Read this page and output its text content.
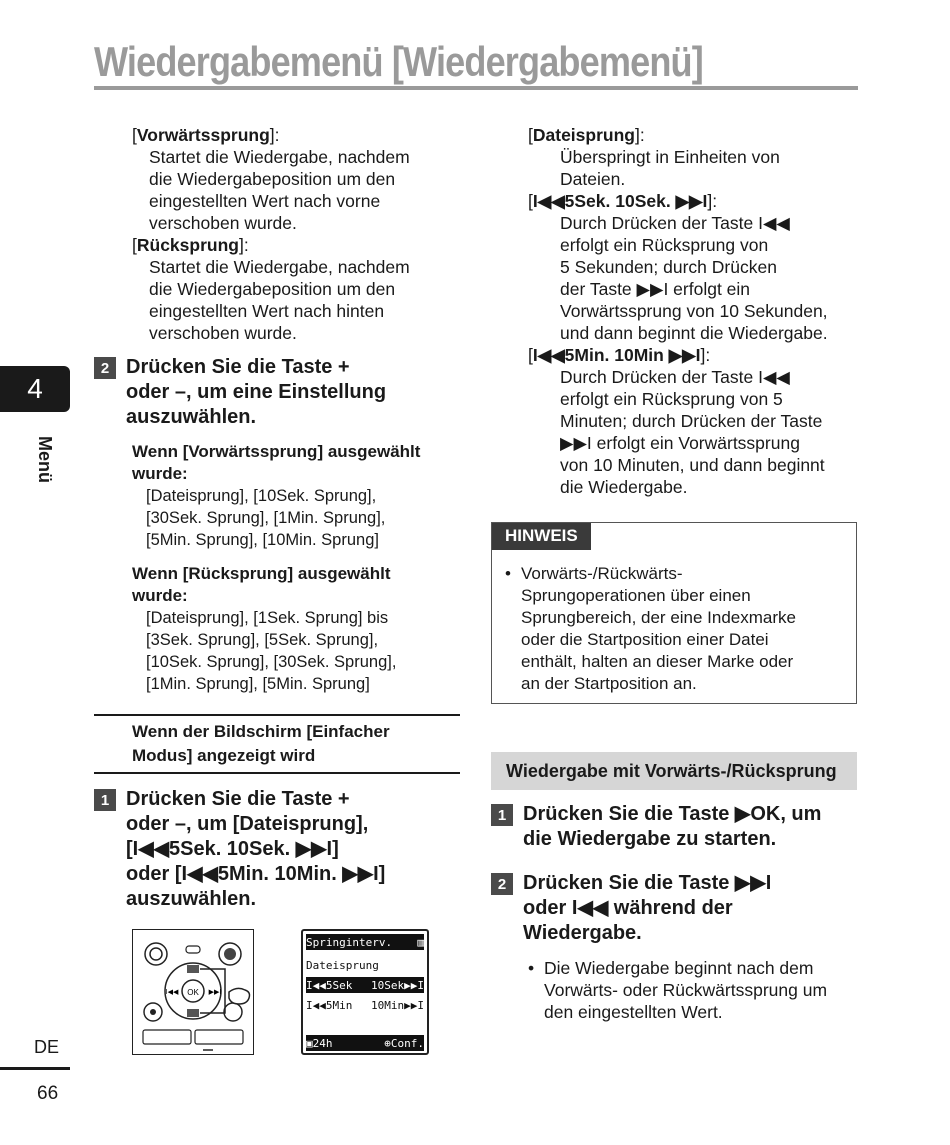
Wiedergabemenü [Wiedergabemenü]
4
Menü
DE
66
[Vorwärtssprung]:
Startet die Wiedergabe, nachdem
die Wiedergabeposition um den
eingestellten Wert nach vorne
verschoben wurde.
[Rücksprung]:
Startet die Wiedergabe, nachdem
die Wiedergabeposition um den
eingestellten Wert nach hinten
verschoben wurde.
2 Drücken Sie die Taste +
oder –, um eine Einstellung
auszuwählen.
Wenn [Vorwärtssprung] ausgewählt
wurde:
[Dateisprung], [10Sek. Sprung],
[30Sek. Sprung], [1Min. Sprung],
[5Min. Sprung], [10Min. Sprung]
Wenn [Rücksprung] ausgewählt
wurde:
[Dateisprung], [1Sek. Sprung] bis
[3Sek. Sprung], [5Sek. Sprung],
[10Sek. Sprung], [30Sek. Sprung],
[1Min. Sprung], [5Min. Sprung]
Wenn der Bildschirm [Einfacher
Modus] angezeigt wird
1 Drücken Sie die Taste +
oder –, um [Dateisprung],
[I◀◀5Sek. 10Sek. ▶▶I]
oder [I◀◀5Min. 10Min. ▶▶I]
auszuwählen.
OK
I◀◀	▶▶I
Springinterv. ▥
Dateisprung
I◀◀5Sek 10Sek▶▶I
I◀◀5Min 10Min▶▶I
▣24h	⊕Conf.
[Dateisprung]:
Überspringt in Einheiten von
Dateien.
[I◀◀5Sek. 10Sek. ▶▶I]:
Durch Drücken der Taste I◀◀
erfolgt ein Rücksprung von
5 Sekunden; durch Drücken
der Taste ▶▶I erfolgt ein
Vorwärtssprung von 10 Sekunden,
und dann beginnt die Wiedergabe.
[I◀◀5Min. 10Min ▶▶I]:
Durch Drücken der Taste I◀◀
erfolgt ein Rücksprung von 5
Minuten; durch Drücken der Taste
▶▶I erfolgt ein Vorwärtssprung
von 10 Minuten, und dann beginnt
die Wiedergabe.
HINWEIS
• Vorwärts-/Rückwärts-
Sprungoperationen über einen
Sprungbereich, der eine Indexmarke
oder die Startposition einer Datei
enthält, halten an dieser Marke oder
an der Startposition an.
Wiedergabe mit Vorwärts-/Rücksprung
1 Drücken Sie die Taste ▶OK, um
die Wiedergabe zu starten.
2 Drücken Sie die Taste ▶▶I
oder I◀◀ während der
Wiedergabe.
• Die Wiedergabe beginnt nach dem
Vorwärts- oder Rückwärtssprung um
den eingestellten Wert.
